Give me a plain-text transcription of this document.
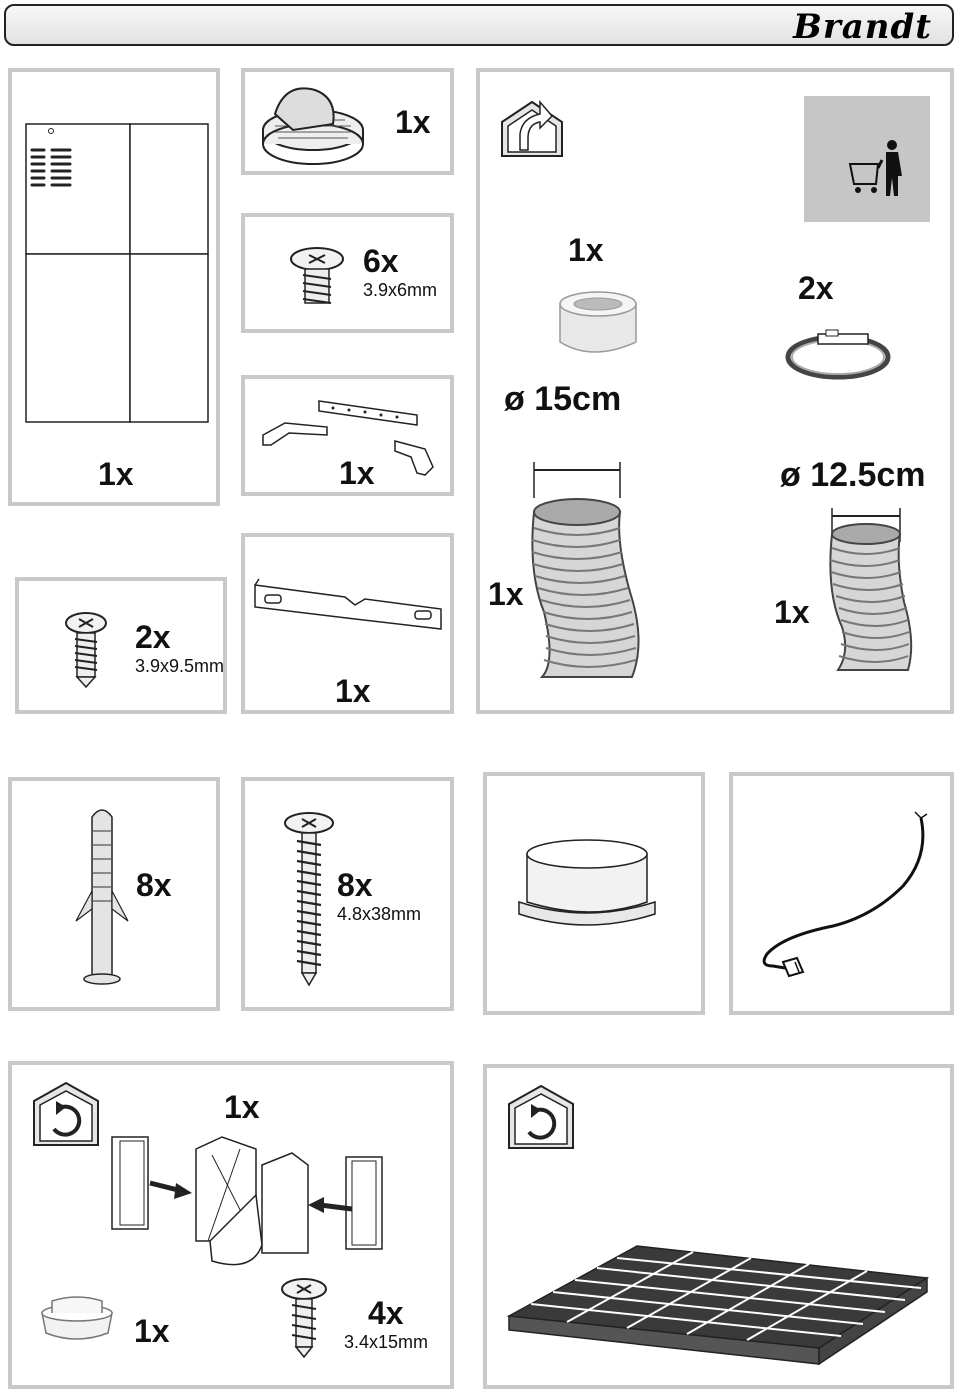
Brandt
1x
1x
6x
3.9x6mm
1x
2x
3.9x9.5mm
1x
1x
2x
ø 15cm
ø 12.5cm
1x	1x
8x	8x
4.8x38mm
1x
1x	4x
3.4x15mm
